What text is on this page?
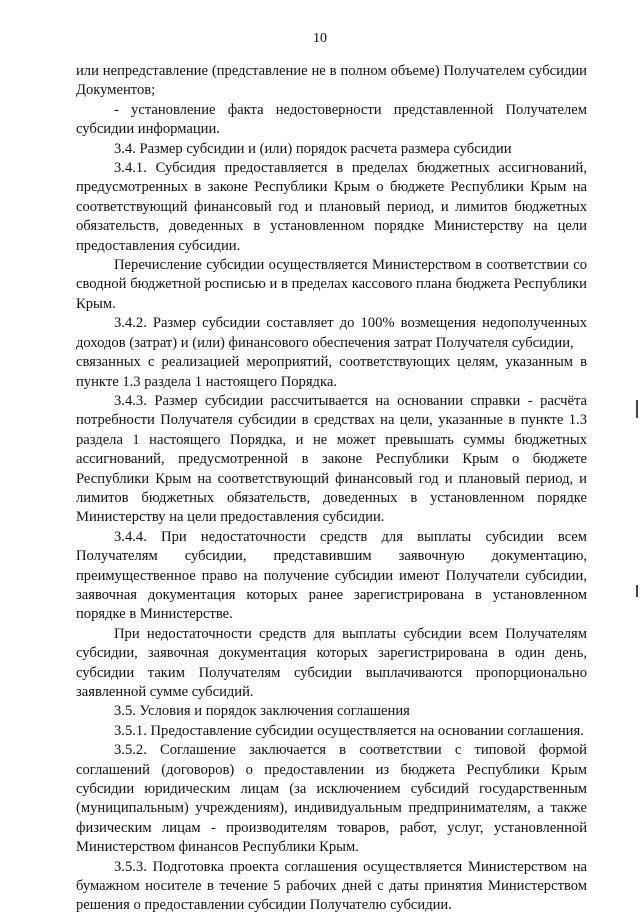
10

или непредставление (представление не в полном объеме) Получателем субсидии Документов;

- установление факта недостоверности представленной Получателем субсидии информации.

3.4. Размер субсидии и (или) порядок расчета размера субсидии

3.4.1. Субсидия предоставляется в пределах бюджетных ассигнований, предусмотренных в законе Республики Крым о бюджете Республики Крым на соответствующий финансовый год и плановый период, и лимитов бюджетных обязательств, доведенных в установленном порядке Министерству на цели предоставления субсидии.

Перечисление субсидии осуществляется Министерством в соответствии со сводной бюджетной росписью и в пределах кассового плана бюджета Республики Крым.

3.4.2. Размер субсидии составляет до 100% возмещения недополученных доходов (затрат) и (или) финансового обеспечения затрат Получателя субсидии,

связанных с реализацией мероприятий, соответствующих целям, указанным в пункте 1.3 раздела 1 настоящего Порядка.

3.4.3. Размер субсидии рассчитывается на основании справки - расчёта потребности Получателя субсидии в средствах на цели, указанные в пункте 1.3 раздела 1 настоящего Порядка, и не может превышать суммы бюджетных ассигнований, предусмотренной в законе Республики Крым о бюджете Республики Крым на соответствующий финансовый год и плановый период, и лимитов бюджетных обязательств, доведенных в установленном порядке Министерству на цели предоставления субсидии.

3.4.4. При недостаточности средств для выплаты субсидии всем Получателям субсидии, представившим заявочную документацию, преимущественное право на получение субсидии имеют Получатели субсидии, заявочная документация которых ранее зарегистрирована в установленном порядке в Министерстве.

При недостаточности средств для выплаты субсидии всем Получателям субсидии, заявочная документация которых зарегистрирована в один день, субсидии таким Получателям субсидии выплачиваются пропорционально заявленной сумме субсидий.

3.5. Условия и порядок заключения соглашения

3.5.1. Предоставление субсидии осуществляется на основании соглашения.

3.5.2. Соглашение заключается в соответствии с типовой формой соглашений (договоров) о предоставлении из бюджета Республики Крым субсидии юридическим лицам (за исключением субсидий государственным (муниципальным) учреждениям), индивидуальным предпринимателям, а также физическим лицам - производителям товаров, работ, услуг, установленной Министерством финансов Республики Крым.

3.5.3. Подготовка проекта соглашения осуществляется Министерством на бумажном носителе в течение 5 рабочих дней с даты принятия Министерством решения о предоставлении субсидии Получателю субсидии.
